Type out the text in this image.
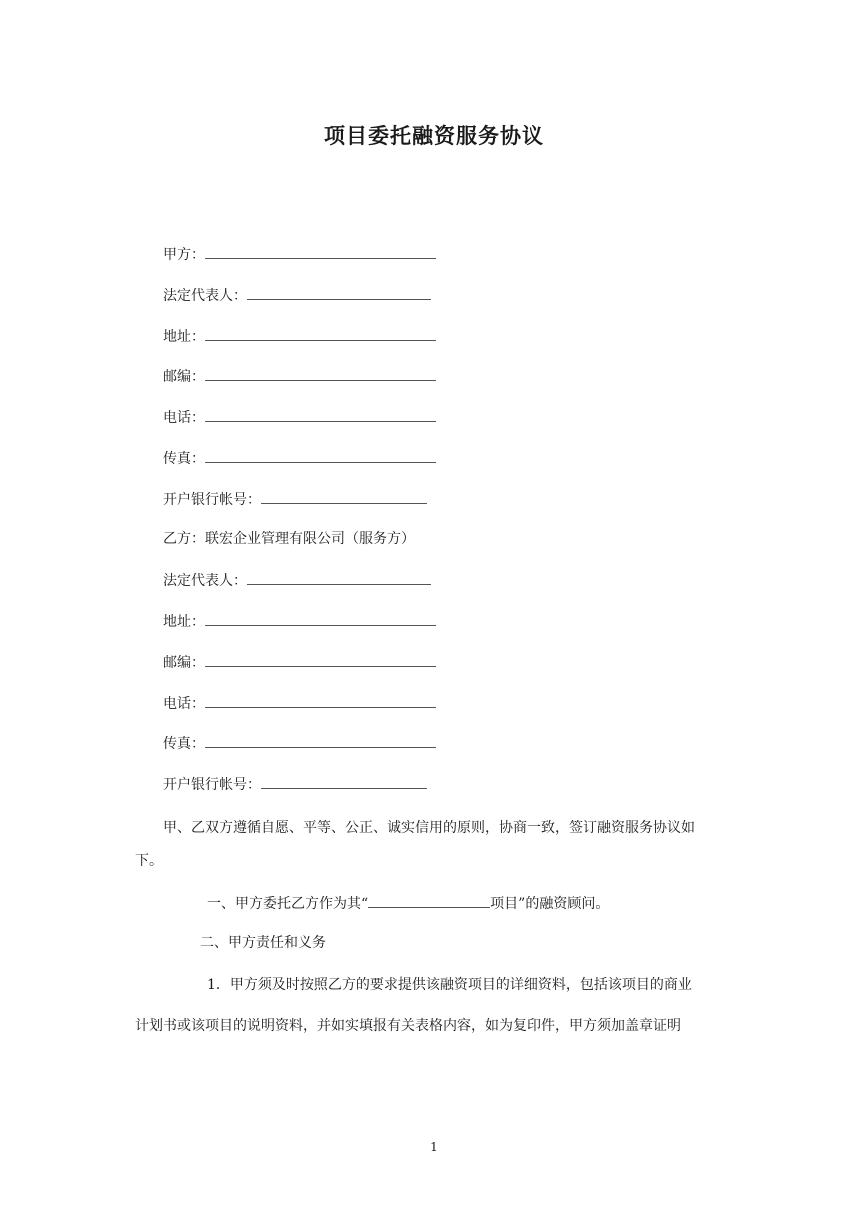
项目委托融资服务协议
甲方：
法定代表人：
地址：
邮编：
电话：
传真：
开户银行帐号：
乙方：联宏企业管理有限公司（服务方）
法定代表人：
地址：
邮编：
电话：
传真：
开户银行帐号：
甲、乙双方遵循自愿、平等、公正、诚实信用的原则，协商一致，签订融资服务协议如
下。
一、甲方委托乙方作为其“	项目”的融资顾问。
二、甲方责任和义务
1．甲方须及时按照乙方的要求提供该融资项目的详细资料，包括该项目的商业
计划书或该项目的说明资料，并如实填报有关表格内容，如为复印件，甲方须加盖章证明
1
